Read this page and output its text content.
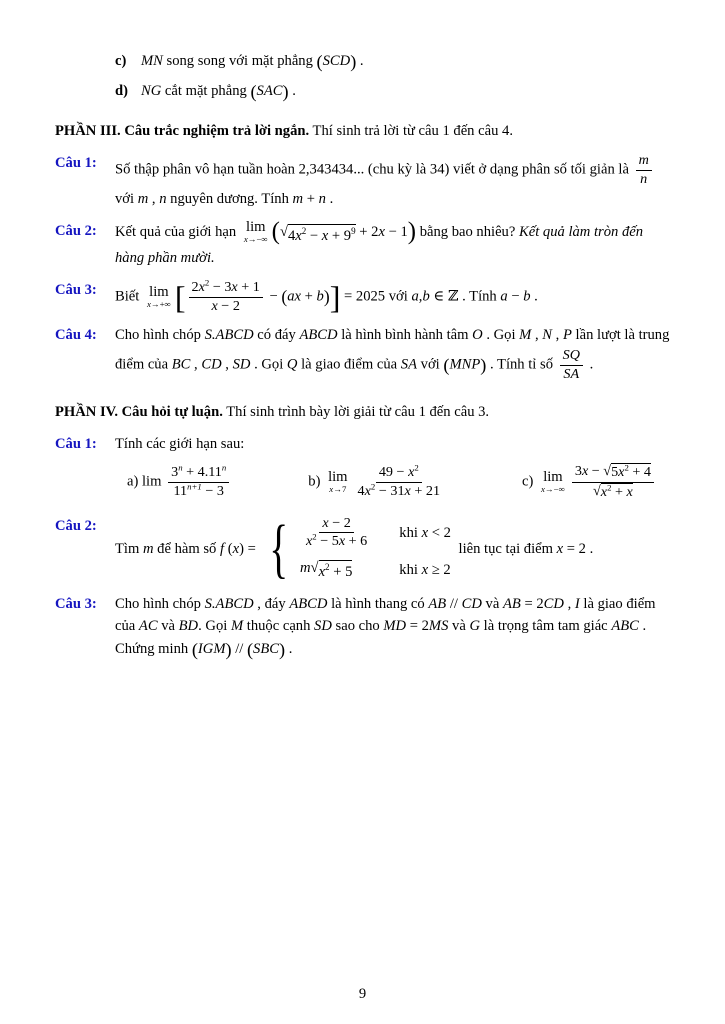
c)	MN song song với mặt phẳng (SCD) .
d) NG cắt mặt phẳng (SAC) .

PHẦN III. Câu trắc nghiệm trả lời ngắn. Thí sinh trả lời từ câu 1 đến câu 4.

Câu 1:	Số thập phân vô hạn tuần hoàn 2,343434... (chu kỳ là 34) viết ở dạng phân số tối giản là $\frac{m}{n}$
với m , n nguyên dương. Tính m + n .
Câu 2:	Kết quả của giới hạn lim
x→−∞ ( √ $4x^2 - x + 9^9 + 2x - 1$) bằng bao nhiêu? Kết quả làm tròn đến hàng phần mười.
Câu 3:	Biết lim
x→+∞ [ $\frac{2x^2 - 3x + 1}{x - 2} - (ax + b)] = 2025$ với a,b ∈ ℤ . Tính a − b .
Câu 4:	Cho hình chóp S.ABCD có đáy ABCD là hình bình hành tâm O . Gọi M , N , P lần lượt là trung điểm của BC , CD , SD . Gọi Q là giao điểm của SA với (MNP) . Tính tỉ số $\frac{SQ}{SA}$ .

PHẦN IV. Câu hỏi tự luận. Thí sinh trình bày lời giải từ câu 1 đến câu 3.

Câu 1:	Tính các giới hạn sau:
a) $\lim \frac{3^n + 4.11^n}{11^{n+1} - 3}$	b) lim
$x\to 7 \frac{49 - x^2}{4x^2 - 31x + 21}$	c) lim
$x\to-\infty \frac{3x - √ 5x^2 + 4}{√ x^2 + x}$
Câu 2:
Tìm m để hàm số f (x) = { $\frac{x - 2}{x^2 - 5x + 6}$ khi x < 2
m √ $x^2 + 5$	khi x ≥ 2
liên tục tại điểm x = 2 .
Câu 3:	Cho hình chóp S.ABCD , đáy ABCD là hình thang có AB // CD và AB = 2CD , I là giao điểm của AC và BD. Gọi M thuộc cạnh SD sao cho MD = 2MS và G là trọng tâm tam giác ABC . Chứng minh (IGM) // (SBC) .
9
